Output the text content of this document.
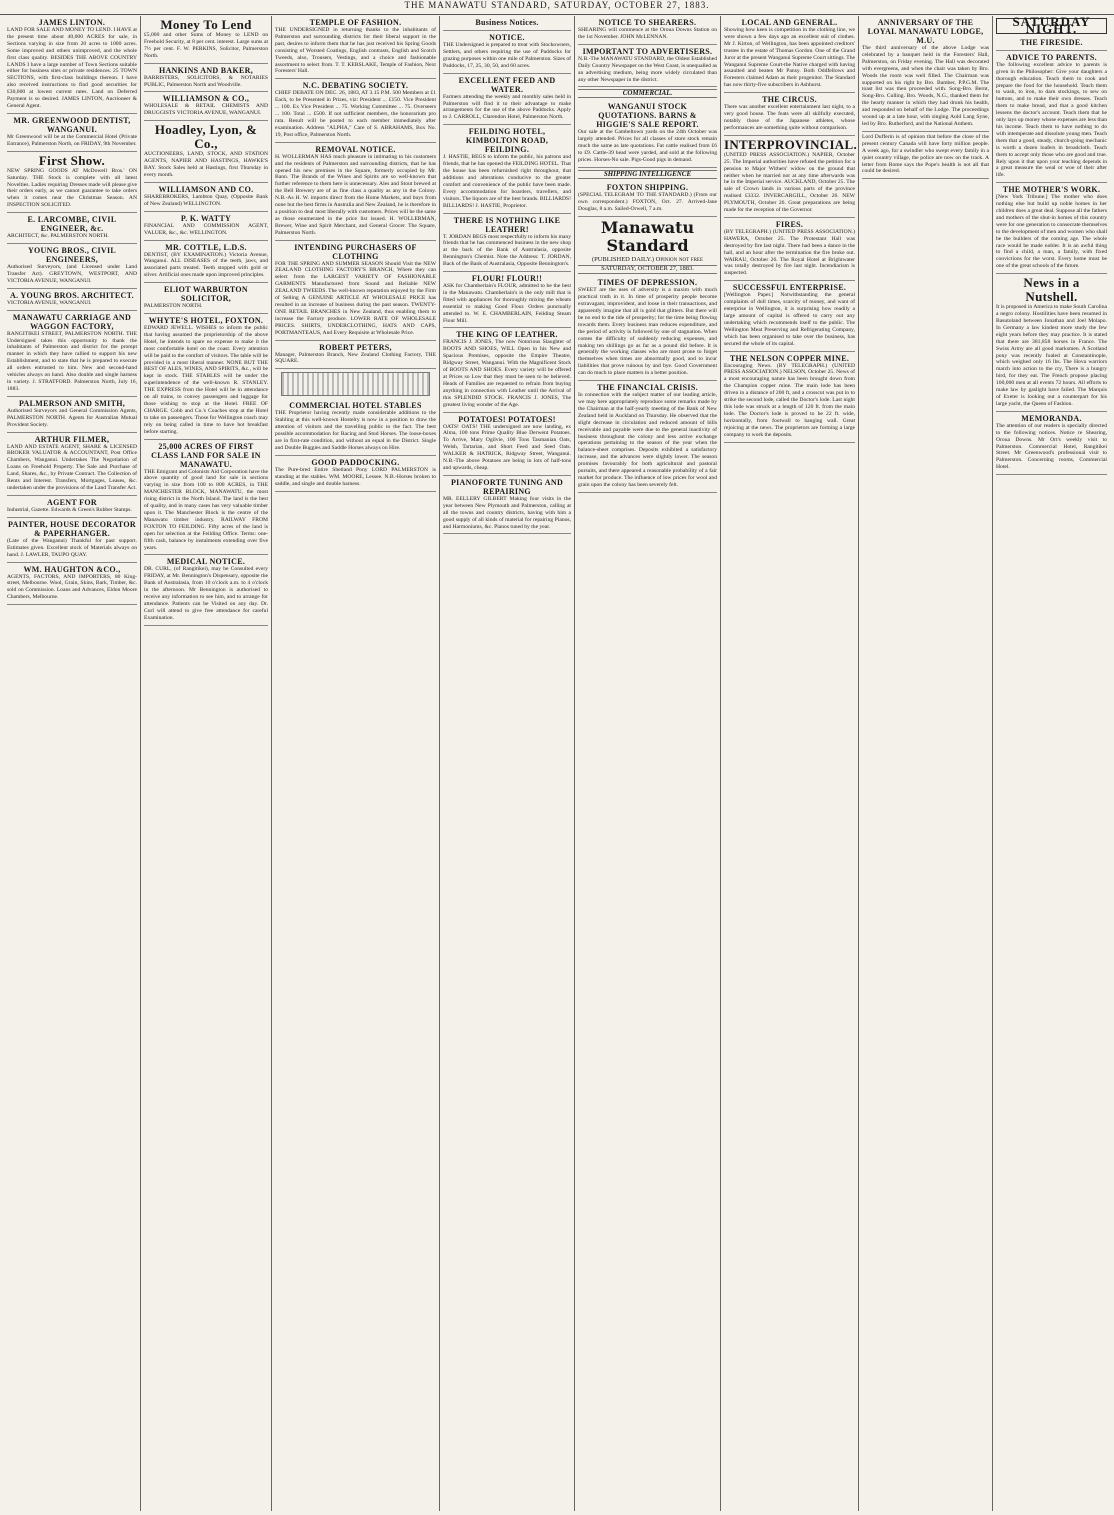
THE MANAWATU STANDARD, SATURDAY, OCTOBER 27, 1883.
JAMES LINTON.
LAND FOR SALE AND MONEY TO LEND. I HAVE at the present time about 40,000 ACRES for sale, in Sections varying in size from 20 acres to 1000 acres. Some improved and others unimproved, and the whole first class quality. BESIDES THE ABOVE COUNTRY LANDS I have a large number of Town Sections suitable either for business sites or private residences. 25 TOWN SECTIONS, with first-class buildings thereon. I have also received instructions to find good securities for £30,000 at lowest current rates. Land on Deferred Payment is so desired. JAMES LINTON, Auctioneer & General Agent.
MR. GREENWOOD DENTIST, WANGANUI.
Mr Greenwood will be at the Commercial Hotel (Private Entrance), Palmerston North, on FRIDAY, 9th November.
First Show.
NEW SPRING GOODS AT McDowell Bros.' ON Saturday. THE Stock is complete with all latest Novelties. Ladies requiring Dresses made will please give their orders early, as we cannot guarantee to take orders when it comes near the Christmas Season. AN INSPECTION SOLICITED.
E. LARCOMBE, CIVIL ENGINEER, &c.
ARCHITECT, &c. PALMERSTON NORTH.
YOUNG BROS., CIVIL ENGINEERS,
Authorised Surveyors, (and Licensed under Land Transfer Act). GREYTOWN, WESTPORT, AND VICTORIA AVENUE, WANGANUI.
A. YOUNG BROS. ARCHITECT.
VICTORIA AVENUE, WANGANUI.
MANAWATU CARRIAGE AND WAGGON FACTORY,
RANGITIKEI STREET, PALMERSTON NORTH. THE Undersigned takes this opportunity to thank the inhabitants of Palmerston and district for the prompt manner in which they have rallied to support his new Establishment, and to state that he is prepared to execute all orders entrusted to him. New and second-hand vehicles always on hand. Also double and single harness in variety. J. STRATFORD. Palmerston North, July 16, 1883.
PALMERSON AND SMITH,
Authorised Surveyors and General Commission Agents, PALMERSTON NORTH. Agents for Australian Mutual Provident Society.
ARTHUR FILMER,
LAND AND ESTATE AGENT, SHARE & LICENSED BROKER VALUATOR & ACCOUNTANT, Post Office Chambers, Wanganui. Undertakes The Negotiation of Loans on Freehold Property. The Sale and Purchase of Land, Shares, &c., by Private Contract. The Collection of Rents and Interest. Transfers, Mortgages, Leases, &c. undertaken under the provisions of the Land Transfer Act.
AGENT FOR
Industrial, Gazette. Edwards & Green's Rubber Stamps.
PAINTER, HOUSE DECORATOR & PAPERHANGER.
(Late of the Wanganui) Thankful for past support. Estimates given. Excellent stock of Materials always on hand. J. LAWLER, TAUPO QUAY.
WM. HAUGHTON &CO.,
AGENTS, FACTORS, AND IMPORTERS, 80 King-street, Melbourne. Wool, Grain, Skins, Bark, Timber, &c. sold on Commission. Loans and Advances, Eldon Moore Chambers, Melbourne.
Money To Lend
£5,000 and other Sums of Money to LEND on Freehold Security, at 8 per cent. interest. Large sums at 7½ per cent. F. W. PERKINS, Solicitor, Palmerston North.
HANKINS AND BAKER,
BARRISTERS, SOLICITORS, & NOTARIES PUBLIC, Palmerston North and Woodville.
WILLIAMSON & CO.,
WHOLESALE & RETAIL CHEMISTS AND DRUGGISTS VICTORIA AVENUE, WANGANUI.
Hoadley, Lyon, & Co.,
AUCTIONEERS, LAND, STOCK, AND STATION AGENTS, NAPIER AND HASTINGS, HAWKE'S BAY. Stock Sales held at Hastings, first Thursday in every month.
WILLIAMSON AND CO.
SHAREBROKERS, Lambton Quay, (Opposite Bank of New Zealand) WELLINGTON.
P. K. WATTY
FINANCIAL AND COMMISSION AGENT, VALUER, &c., &c. WELLINGTON.
MR. COTTLE, L.D.S.
DENTIST, (BY EXAMINATION.) Victoria Avenue, Wanganui. ALL DISEASES of the teeth, jaws, and associated parts treated. Teeth stopped with gold or silver. Artificial ones made upon improved principles.
ELIOT WARBURTON SOLICITOR,
PALMERSTON NORTH.
WHYTE'S HOTEL, FOXTON.
EDWARD JEWELL. WISHES to inform the public that having assumed the proprietorship of the above Hotel, he intends to spare no expense to make it the most comfortable hotel on the coast. Every attention will be paid to the comfort of visitors. The table will be provided in a most liberal manner. NONE BUT THE BEST OF ALES, WINES, AND SPIRITS, &c., will be kept in stock. THE STABLES will be under the superintendence of the well-known R. STANLEY. THE EXPRESS from the Hotel will be in attendance on all trains, to convey passengers and luggage for those wishing to stop at the Hotel. FREE OF CHARGE. Cobb and Co.'s Coaches stop at the Hotel to take on passengers. Those for Wellington coach may rely on being called in time to have hot breakfast before starting.
25,000 ACRES OF FIRST CLASS LAND FOR SALE IN MANAWATU.
THE Emigrant and Colonists Aid Corporation have the above quantity of good land for sale in sections varying in size from 100 to 800 ACRES, in THE MANCHESTER BLOCK, MANAWATU, the most rising district in the North Island. The land is the best of quality, and in many cases has very valuable timber upon it. The Manchester Block is the centre of the Manawatu timber industry. RAILWAY FROM FOXTON TO FEILDING. Fifty acres of the land is open for selection at the Feilding Office. Terms: one-fifth cash, balance by instalments extending over five years.
MEDICAL NOTICE.
DR. CURL, (of Rangitikei), may be Consulted every FRIDAY, at Mr. Bennington's Dispensary, opposite the Bank of Australasia, from 10 o'clock a.m. to 4 o'clock in the afternoon. Mr Bennington is authorised to receive any information to see him, and to arrange for attendance. Patients can be Visited on any day. Dr. Curl will attend to give free attendance for careful Examination.
TEMPLE OF FASHION.
THE UNDERSIGNED in returning thanks to the inhabitants of Palmerston and surrounding districts for their liberal support in the past, desires to inform them that he has just received his Spring Goods consisting of Worsted Coatings, English contrasts, English and Scotch Tweeds, also, Trousers, Vestings, and a choice and fashionable assortment to select from. T. T. KERSLAKE, Temple of Fashion, Next Foresters' Hall.
N.C. DEBATING SOCIETY.
CHIEF DEBATE ON DEC. 26, 1883, AT 3.15 P.M. 500 Members at £1 Each, to be Presented in Prizes, viz: President ... £150. Vice President ... 100. Ex Vice President ... 75. Working Committee ... 75. Overseers ... 100. Total ... £500. If not sufficient members, the honorarium pro rata. Result will be posted to each member immediately after examination. Address "ALPHA," Care of S. ABRAHAMS, Box No. 19, Post office, Palmerston North.
REMOVAL NOTICE.
H. WOLLERMAN HAS much pleasure in intimating to his customers and the residents of Palmerston and surrounding districts, that he has opened his new premises in the Square, formerly occupied by Mr. Bann. The Brands of the Wines and Spirits are so well-known that further reference to them here is unnecessary. Ales and Stout brewed at the Bell Brewery are of as fine class a quality as any in the Colony. N.B.-As H. W. imports direct from the Home Markets, and buys from none but the best firms in Australia and New Zealand, he is therefore in a position to deal most liberally with customers. Prices will be the same as those enumerated in the price list issued. H. WOLLERMAN, Brewer, Wine and Spirit Merchant, and General Grocer. The Square, Palmerston North.
INTENDING PURCHASERS OF CLOTHING
FOR THE SPRING AND SUMMER SEASON Should Visit the NEW ZEALAND CLOTHING FACTORY'S BRANCH, Where they can select from the LARGEST VARIETY OF FASHIONABLE GARMENTS Manufactured from Sound and Reliable NEW ZEALAND TWEEDS. The well-known reputation enjoyed by the Firm of Selling A GENUINE ARTICLE AT WHOLESALE PRICE has resulted in an increase of business during the past season. TWENTY-ONE RETAIL BRANCHES in New Zealand, thus enabling them to increase the Factory produce. LOWER RATE OF WHOLESALE PRICES. SHIRTS, UNDERCLOTHING, HATS AND CAPS, PORTMANTEAUS, And Every Requisite at Wholesale Price.
ROBERT PETERS,
Manager, Palmerston Branch, New Zealand Clothing Factory, THE SQUARE.
COMMERCIAL HOTEL STABLES
THE Proprietor having recently made considerable additions to the Stabling at this well-known Hostelry is now in a position to draw the attention of visitors and the travelling public to the fact. The best possible accommodation for Racing and Stud Horses. The loose-boxes are in first-rate condition, and without an equal in the District. Single and Double Buggies and Saddle Horses always on Hire.
GOOD PADDOCKING.
The Pure-bred Entire Shetland Pony LORD PALMERSTON is standing at the stables. WM. MOORE, Lessee. N.B.-Horses broken to saddle, and single and double harness.
Business Notices.
NOTICE.
THE Undersigned is prepared to treat with Stockowners, Settlers, and others requiring the use of Paddocks for grazing purposes within one mile of Palmerston. Sizes of Paddocks, 17, 25, 30, 50, and 60 acres.
EXCELLENT FEED AND WATER.
Farmers attending the weekly and monthly sales held in Palmerston will find it to their advantage to make arrangements for the use of the above Paddocks. Apply to J. CARROLL, Clarendon Hotel, Palmerston North.
FEILDING HOTEL, KIMBOLTON ROAD, FEILDING.
J. HASTIE, BEGS to inform the public, his patrons and friends, that he has opened the FEILDING HOTEL. That the house has been refurnished right throughout, that additions and alterations conducive to the greater comfort and convenience of the public have been made. Every accommodation for boarders, travellers, and visitors. The liquors are of the best brands. BILLIARDS! BILLIARDS! J. HASTIE, Proprietor.
THERE IS NOTHING LIKE LEATHER!
T. JORDAN BEGS most respectfully to inform his many friends that he has commenced business in the new shop at the back of the Bank of Australasia, opposite Bennington's Chemist. Note the Address: T. JORDAN, Back of the Bank of Australasia, Opposite Bennington's.
FLOUR! FLOUR!!
ASK for Chamberlain's FLOUR, admitted to be the best in the Manawatu. Chamberlain's is the only mill that is fitted with appliances for thoroughly mixing the wheats essential to making Good Flour. Orders punctually attended to. W. E. CHAMBERLAIN, Feilding Steam Flour Mill.
THE KING OF LEATHER.
FRANCIS J. JONES, The now Notorious Slaughter of BOOTS AND SHOES, WILL Open in his New and Spacious Premises, opposite the Empire Theatre, Ridgway Street, Wanganui. With the Magnificent Stock of BOOTS AND SHOES. Every variety will be offered at Prices so Low that they must be seen to be believed. Heads of Families are requested to refrain from buying anything in connection with Leather until the Arrival of this SPLENDID STOCK. FRANCIS J. JONES, The greatest living wonder of the Age.
POTATOES! POTATOES!
OATS! OATS! THE undersigned are now landing, ex Alma, 100 tons Prime Quality Blue Derwent Potatoes. To Arrive, Mary Ogilvie, 100 Tons Tasmanian Oats, Welsh, Tartarian, and Short Feed and Seed Oats. WALKER & HATRICK, Ridgway Street, Wanganui. N.B.-The above Potatoes are being in lots of half-tons and upwards, cheap.
PIANOFORTE TUNING AND REPAIRING
MR. EELLERY GILBERT Making four visits in the year between New Plymouth and Palmerston, calling at all the towns and country districts, having with him a good supply of all kinds of material for repairing Pianos, and Harmoniums, &c. Pianos tuned by the year.
NOTICE TO SHEARERS.
SHEARING will commence at the Oroua Downs Station on the 1st November. JOHN McLENNAN.
IMPORTANT TO ADVERTISERS.
N.B.-The MANAWATU STANDARD, the Oldest Established Daily Country Newspaper on the West Coast, is unequalled as an advertising medium, being more widely circulated than any other Newspaper in the district.
COMMERCIAL.
WANGANUI STOCK QUOTATIONS. BARNS & HIGGIE'S SALE REPORT.
Our sale at the Cambeltown yards on the 24th October was largely attended. Prices for all classes of store stock remain much the same as late quotations. Fat cattle realised from £6 to £9. Cattle-39 head were yarded, and sold at the following prices. Horses-No sale. Pigs-Good pigs in demand.
SHIPPING INTELLIGENCE
FOXTON SHIPPING.
(SPECIAL TELEGRAM TO THE STANDARD.) (From our own correspondent.) FOXTON, Oct. 27. Arrived-Jane Douglas, 8 a.m. Sailed-Orwell, 7 a.m.
Manawatu Standard
(PUBLISHED DAILY.) Opinion not free
SATURDAY, OCTOBER 27, 1883.
TIMES OF DEPRESSION.
SWEET are the uses of adversity is a maxim with much practical truth in it. In time of prosperity people become extravagant, improvident, and loose in their transactions, and apparently imagine that all is gold that glitters. But there will be no end to the tide of prosperity; for the time being flowing towards them. Every business man reduces expenditure, and the period of activity is followed by one of stagnation. When comes the difficulty of suddenly reducing expenses, and making ten shillings go as far as a pound did before. It is generally the working classes who are most prone to forget themselves when times are abnormally good, and to incur liabilities that prove ruinous by and bye. Good Government can do much to place matters in a better position.
THE FINANCIAL CRISIS.
In connection with the subject matter of our leading article, we may here appropriately reproduce some remarks made by the Chairman at the half-yearly meeting of the Bank of New Zealand held in Auckland on Thursday. He observed that the slight decrease in circulation and reduced amount of bills receivable and payable were due to the general inactivity of business throughout the colony and less active exchange operations pertaining to the season of the year when the balance-sheet comprises. Deposits exhibited a satisfactory increase, and the advances were slightly lower. The season promises favourably for both agricultural and pastoral pursuits, and there appeared a reasonable probability of a fair market for produce. The influence of low prices for wool and grain upon the colony has been severely felt.
LOCAL AND GENERAL.
Showing how keen is competition in the clothing line, we were shown a few days ago an excellent suit of clothes. Mr J. Kirton, of Wellington, has been appointed creditors' trustee in the estate of Thomas Gordon. One of the Grand Juror at the present Wanganui Supreme Court sittings. The Wanganui Supreme Court-the Native charged with having assaulted and beaten Mr Pansy. Both Oddfellows and Foresters claimed Adam as their progenitor. The Standard has now thirty-five subscribers in Ashhurst.
THE CIRCUS.
There was another excellent entertainment last night, to a very good house. The feats were all skilfully executed, notably those of the Japanese athletes, whose performances are something quite without comparison.
INTERPROVINCIAL.
(UNITED PRESS ASSOCIATION.) NAPIER, October 25. The Imperial authorities have refused the petition for a pension to Major Withers' widow on the ground that neither when he married nor at any time afterwards was he in the Imperial service. AUCKLAND, October 25. The sale of Crown lands in various parts of the province realised £3332. INVERCARGILL, October 26. NEW PLYMOUTH, October 26. Great preparations are being made for the reception of the Governor.
FIRES.
(BY TELEGRAPH.) (UNITED PRESS ASSOCIATION.) HAWERA, October 25. The Protestant Hall was destroyed by fire last night. There had been a dance in the hall, and an hour after the termination the fire broke out. WAIRAU, October 26. The Royal Hotel at Brightwater was totally destroyed by fire last night. Incendiarism is suspected.
SUCCESSFUL ENTERPRISE.
[Wellington Paper.] Notwithstanding the general complaints of dull times, scarcity of money, and want of enterprise in Wellington, it is surprising how readily a large amount of capital is offered to carry out any undertaking which recommends itself to the public. The Wellington Meat Preserving and Refrigerating Company, which has been organised to take over the business, has secured the whole of its capital.
THE NELSON COPPER MINE.
Encouraging News. (BY TELEGRAPH.) (UNITED PRESS ASSOCIATION.) NELSON, October 25. News of a most encouraging nature has been brought down from the Champion copper mine. The main lode has been driven in a distance of 200 ft, and a crosscut was put in to strike the second lode, called the Doctor's lode. Last night this lode was struck at a length of 120 ft. from the main lode. The Doctor's lode is proved to be 22 ft. wide, horizontally, from footwall to hanging wall. Great rejoicing at the news. The proprietors are forming a large company to work the deposits.
ANNIVERSARY OF THE LOYAL MANAWATU LODGE, M.U.
The third anniversary of the above Lodge was celebrated by a banquet held in the Foresters' Hall, Palmerston, on Friday evening. The Hall was decorated with evergreens, and when the chair was taken by Bro. Woods the room was well filled. The Chairman was supported on his right by Bro. Bamber, P.P.G.M. The toast list was then proceeded with. Song-Bro. Bernt, Song-Bro. Culling. Bro. Woods, N.G., thanked them for the hearty manner in which they had drunk his health, and responded on behalf of the Lodge. The proceedings wound up at a late hour, with singing Auld Lang Syne, led by Bro. Rutherford, and the National Anthem.
Lord Dufferin is of opinion that before the close of the present century Canada will have forty million people. A week ago, for a swindler who swept every family in a quiet country village, the police are now on the track. A letter from Rome says the Pope's health is not all that could be desired.
SATURDAY NIGHT.
THE FIRESIDE.
ADVICE TO PARENTS.
The following excellent advice to parents is given in the Philosopher: Give your daughters a thorough education. Teach them to cook and prepare the food for the household. Teach them to wash, to iron, to darn stockings, to sew on buttons, and to make their own dresses. Teach them to make bread, and that a good kitchen lessens the doctor's account. Teach them that he only lays up money whose expenses are less than his income. Teach them to have nothing to do with intemperate and dissolute young men. Teach them that a good, steady, church-going mechanic is worth a dozen loafers in broadcloth. Teach them to accept only those who are good and true. Rely upon it that upon your teaching depends in a great measure the weal or woe of their after life.
THE MOTHER'S WORK.
[New York Tribune.] The mother who does nothing else but build up noble homes in her children does a great deal. Suppose all the fathers and mothers of the shut-in homes of this country were for one generation to consecrate themselves to the development of men and women who shall be the builders of the coming age. The whole race would be made nobler. It is an awful thing to find a child, a man, a family, with fixed convictions for the worst. Every home must be one of the great schools of the future.
News in a Nutshell.
It is proposed in America to make South Carolina a negro colony. Hostilities have been resumed in Basutoland between Jonathan and Joel Molapo. In Germany a law kindest more study the few eight years before they may practice. It is stated that there are 381,858 horses in France. The Swiss Army are all good marksmen. A Scotland pony was recently foaled at Constantinople, which weighed only 16 lbs. The Hova warriors march into action to the cry, There is a hungry bird, for they eat. The French propose placing 100,000 men at all events 72 hours. All efforts to make law by gaslight have failed. The Marquis of Exeter is looking out a counterpart for his large yacht, the Queen of Fashion.
MEMORANDA.
The attention of our readers is specially directed to the following notices. Notice re Shearing, Oroua Downs. Mr Ort's weekly visit to Palmerston. Commercial Hotel, Rangitikei Street. Mr Greenwood's professional visit to Palmerston. Concerning rooms, Commercial Hotel.
